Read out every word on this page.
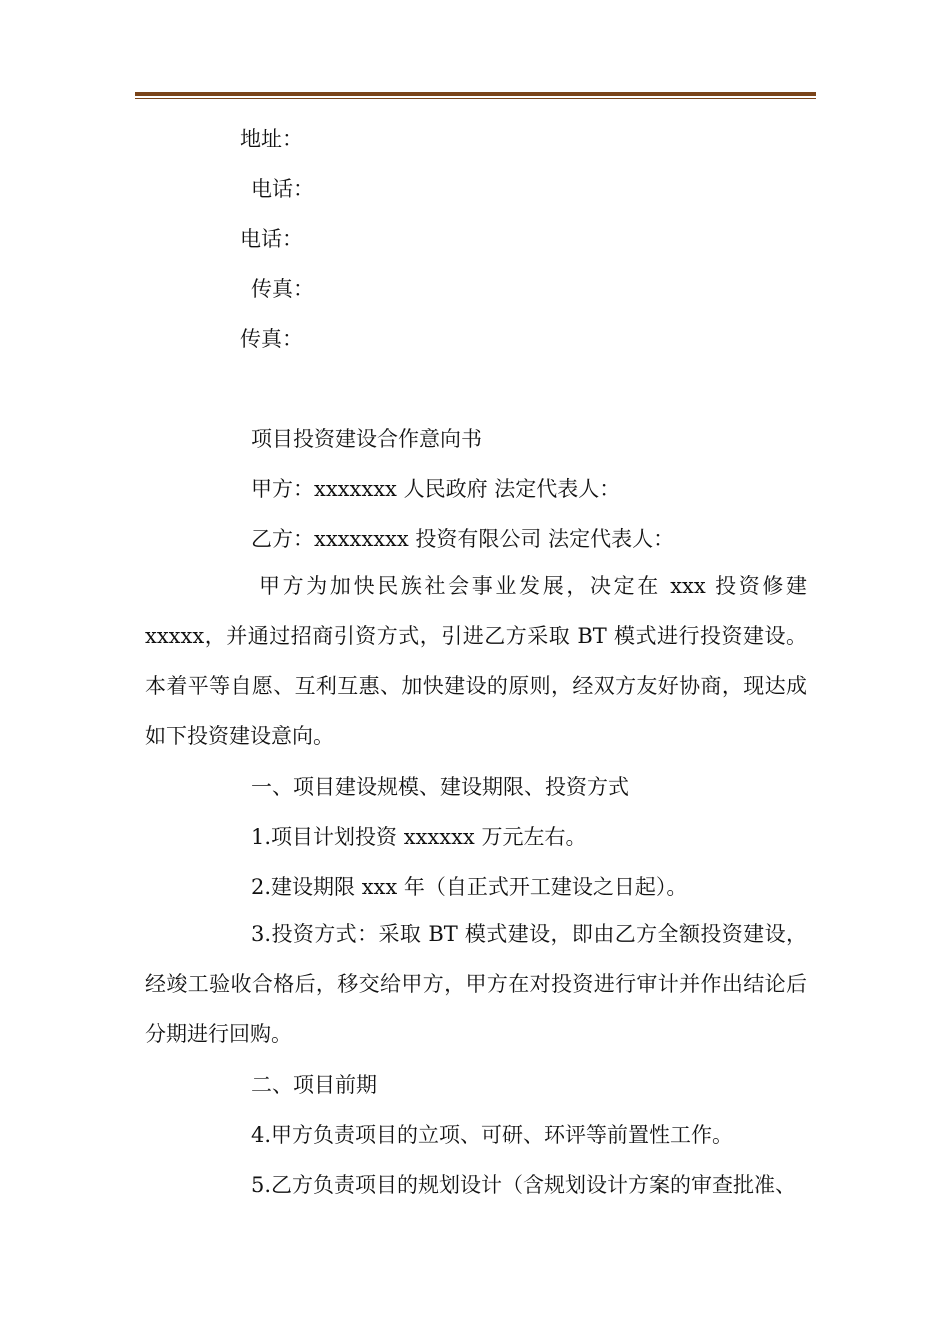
地址：
电话：
电话：
传真：
传真：
项目投资建设合作意向书
甲方：xxxxxxx 人民政府 法定代表人：
乙方：xxxxxxxx 投资有限公司 法定代表人：
甲方为加快民族社会事业发展，决定在 xxx 投资修建 xxxxx，并通过招商引资方式，引进乙方采取 BT 模式进行投资建设。本着平等自愿、互利互惠、加快建设的原则，经双方友好协商，现达成如下投资建设意向。
一、项目建设规模、建设期限、投资方式
1.项目计划投资 xxxxxx 万元左右。
2.建设期限 xxx 年（自正式开工建设之日起）。
3.投资方式：采取 BT 模式建设，即由乙方全额投资建设，经竣工验收合格后，移交给甲方，甲方在对投资进行审计并作出结论后分期进行回购。
二、项目前期
4.甲方负责项目的立项、可研、环评等前置性工作。
5.乙方负责项目的规划设计（含规划设计方案的审查批准、
